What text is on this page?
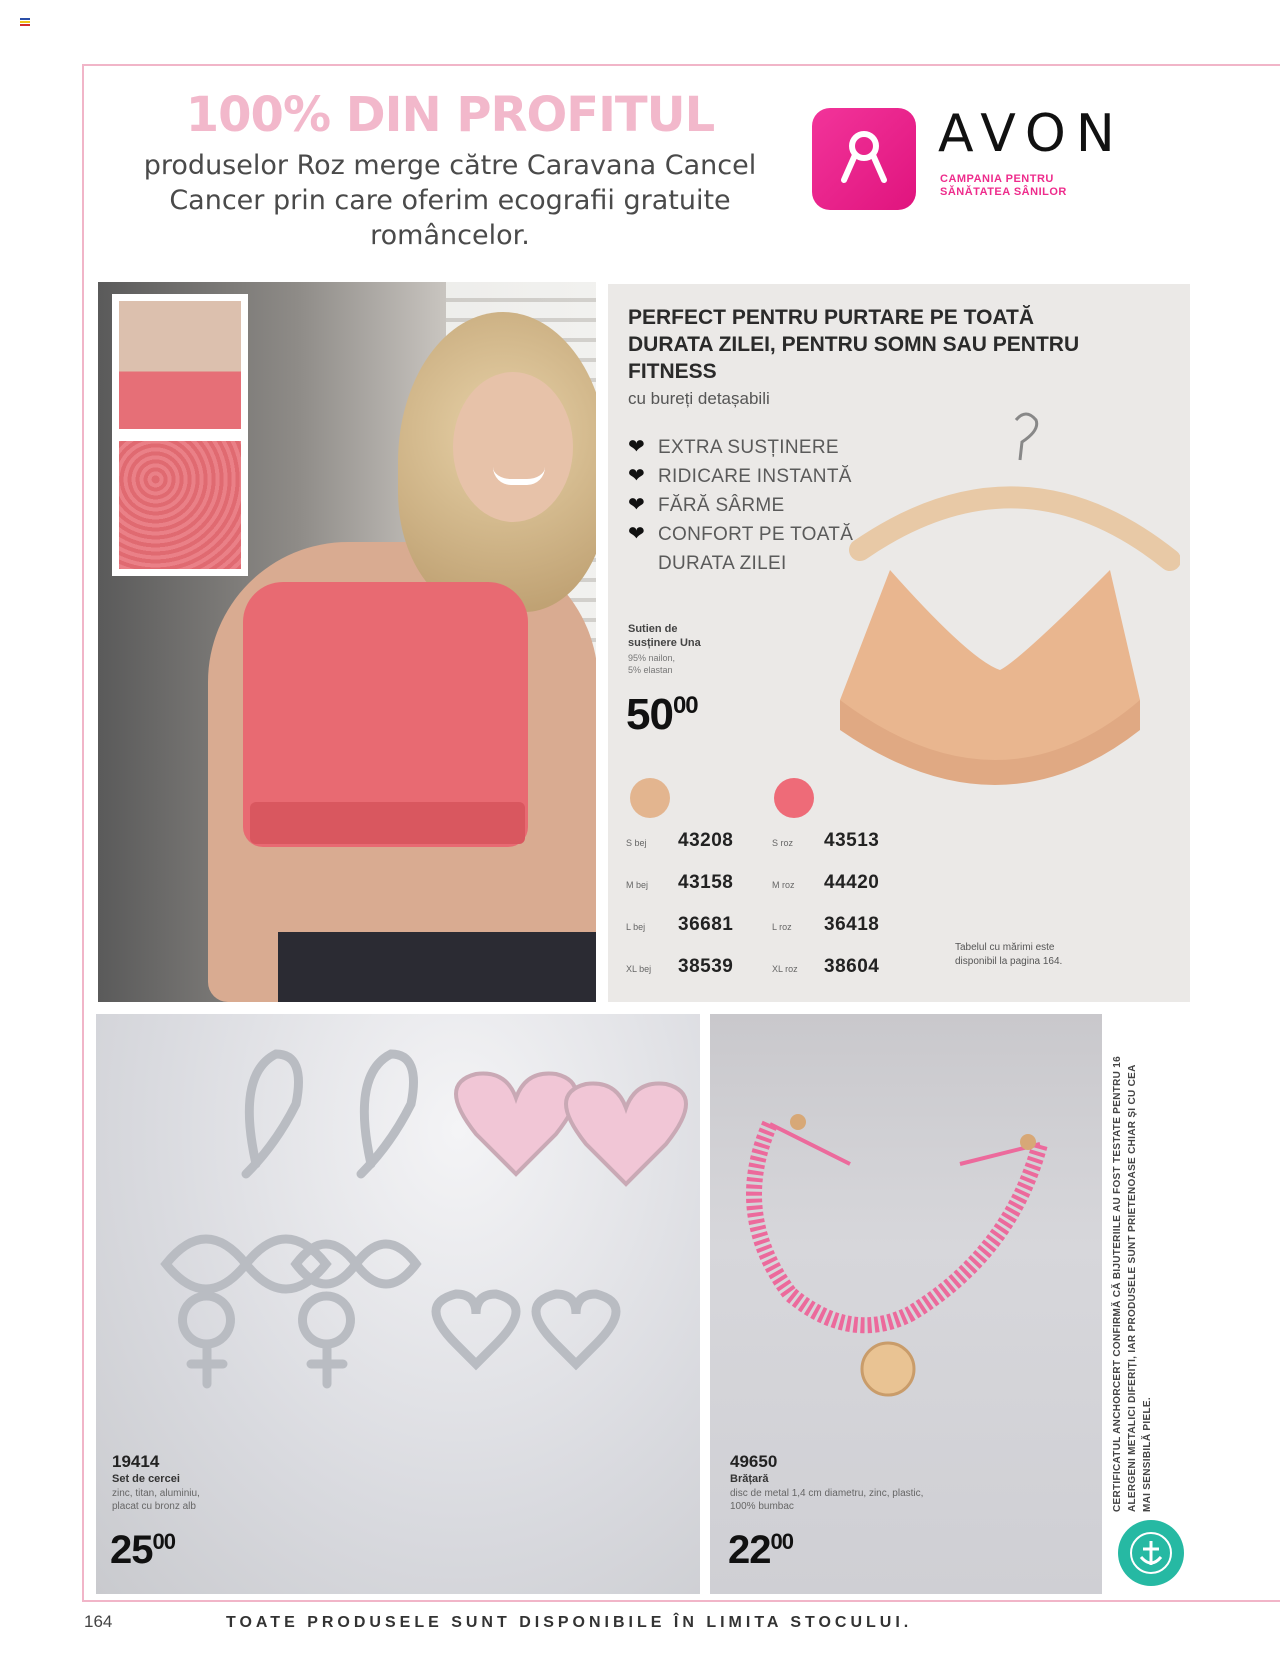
100% DIN PROFITUL

produselor Roz merge către Caravana Cancel Cancer prin care oferim ecografii gratuite româncelor.

AVON
CAMPANIA PENTRU SĂNĂTATEA SÂNILOR
PERFECT PENTRU PURTARE PE TOATĂ DURATA ZILEI, PENTRU SOMN SAU PENTRU FITNESS
cu bureți detașabili
❤ EXTRA SUSȚINERE
❤ RIDICARE INSTANTĂ
❤ FĂRĂ SÂRME
❤ CONFORT PE TOATĂ
DURATA ZILEI
Sutien de
susținere Una
95% nailon,
5% elastan
$50^{00}$
S bej	43208
M bej	43158
L bej	36681
XL bej	38539
S roz	43513
M roz	44420
L roz	36418
XL roz	38604
Tabelul cu mărimi este
disponibil la pagina 164.
19414
Set de cercei
zinc, titan, aluminiu,
placat cu bronz alb
$25^{00}$
49650
Brățară
disc de metal 1,4 cm diametru, zinc, plastic,
100% bumbac
$22^{00}$

CERTIFICATUL ANCHORCERT CONFIRMĂ CĂ BIJUTERIILE AU FOST TESTATE PENTRU 16 ALERGENI METALICI DIFERIȚI, IAR PRODUSELE SUNT PRIETENOASE CHIAR ȘI CU CEA MAI SENSIBILĂ PIELE.

164	TOATE PRODUSELE SUNT DISPONIBILE ÎN LIMITA STOCULUI.
